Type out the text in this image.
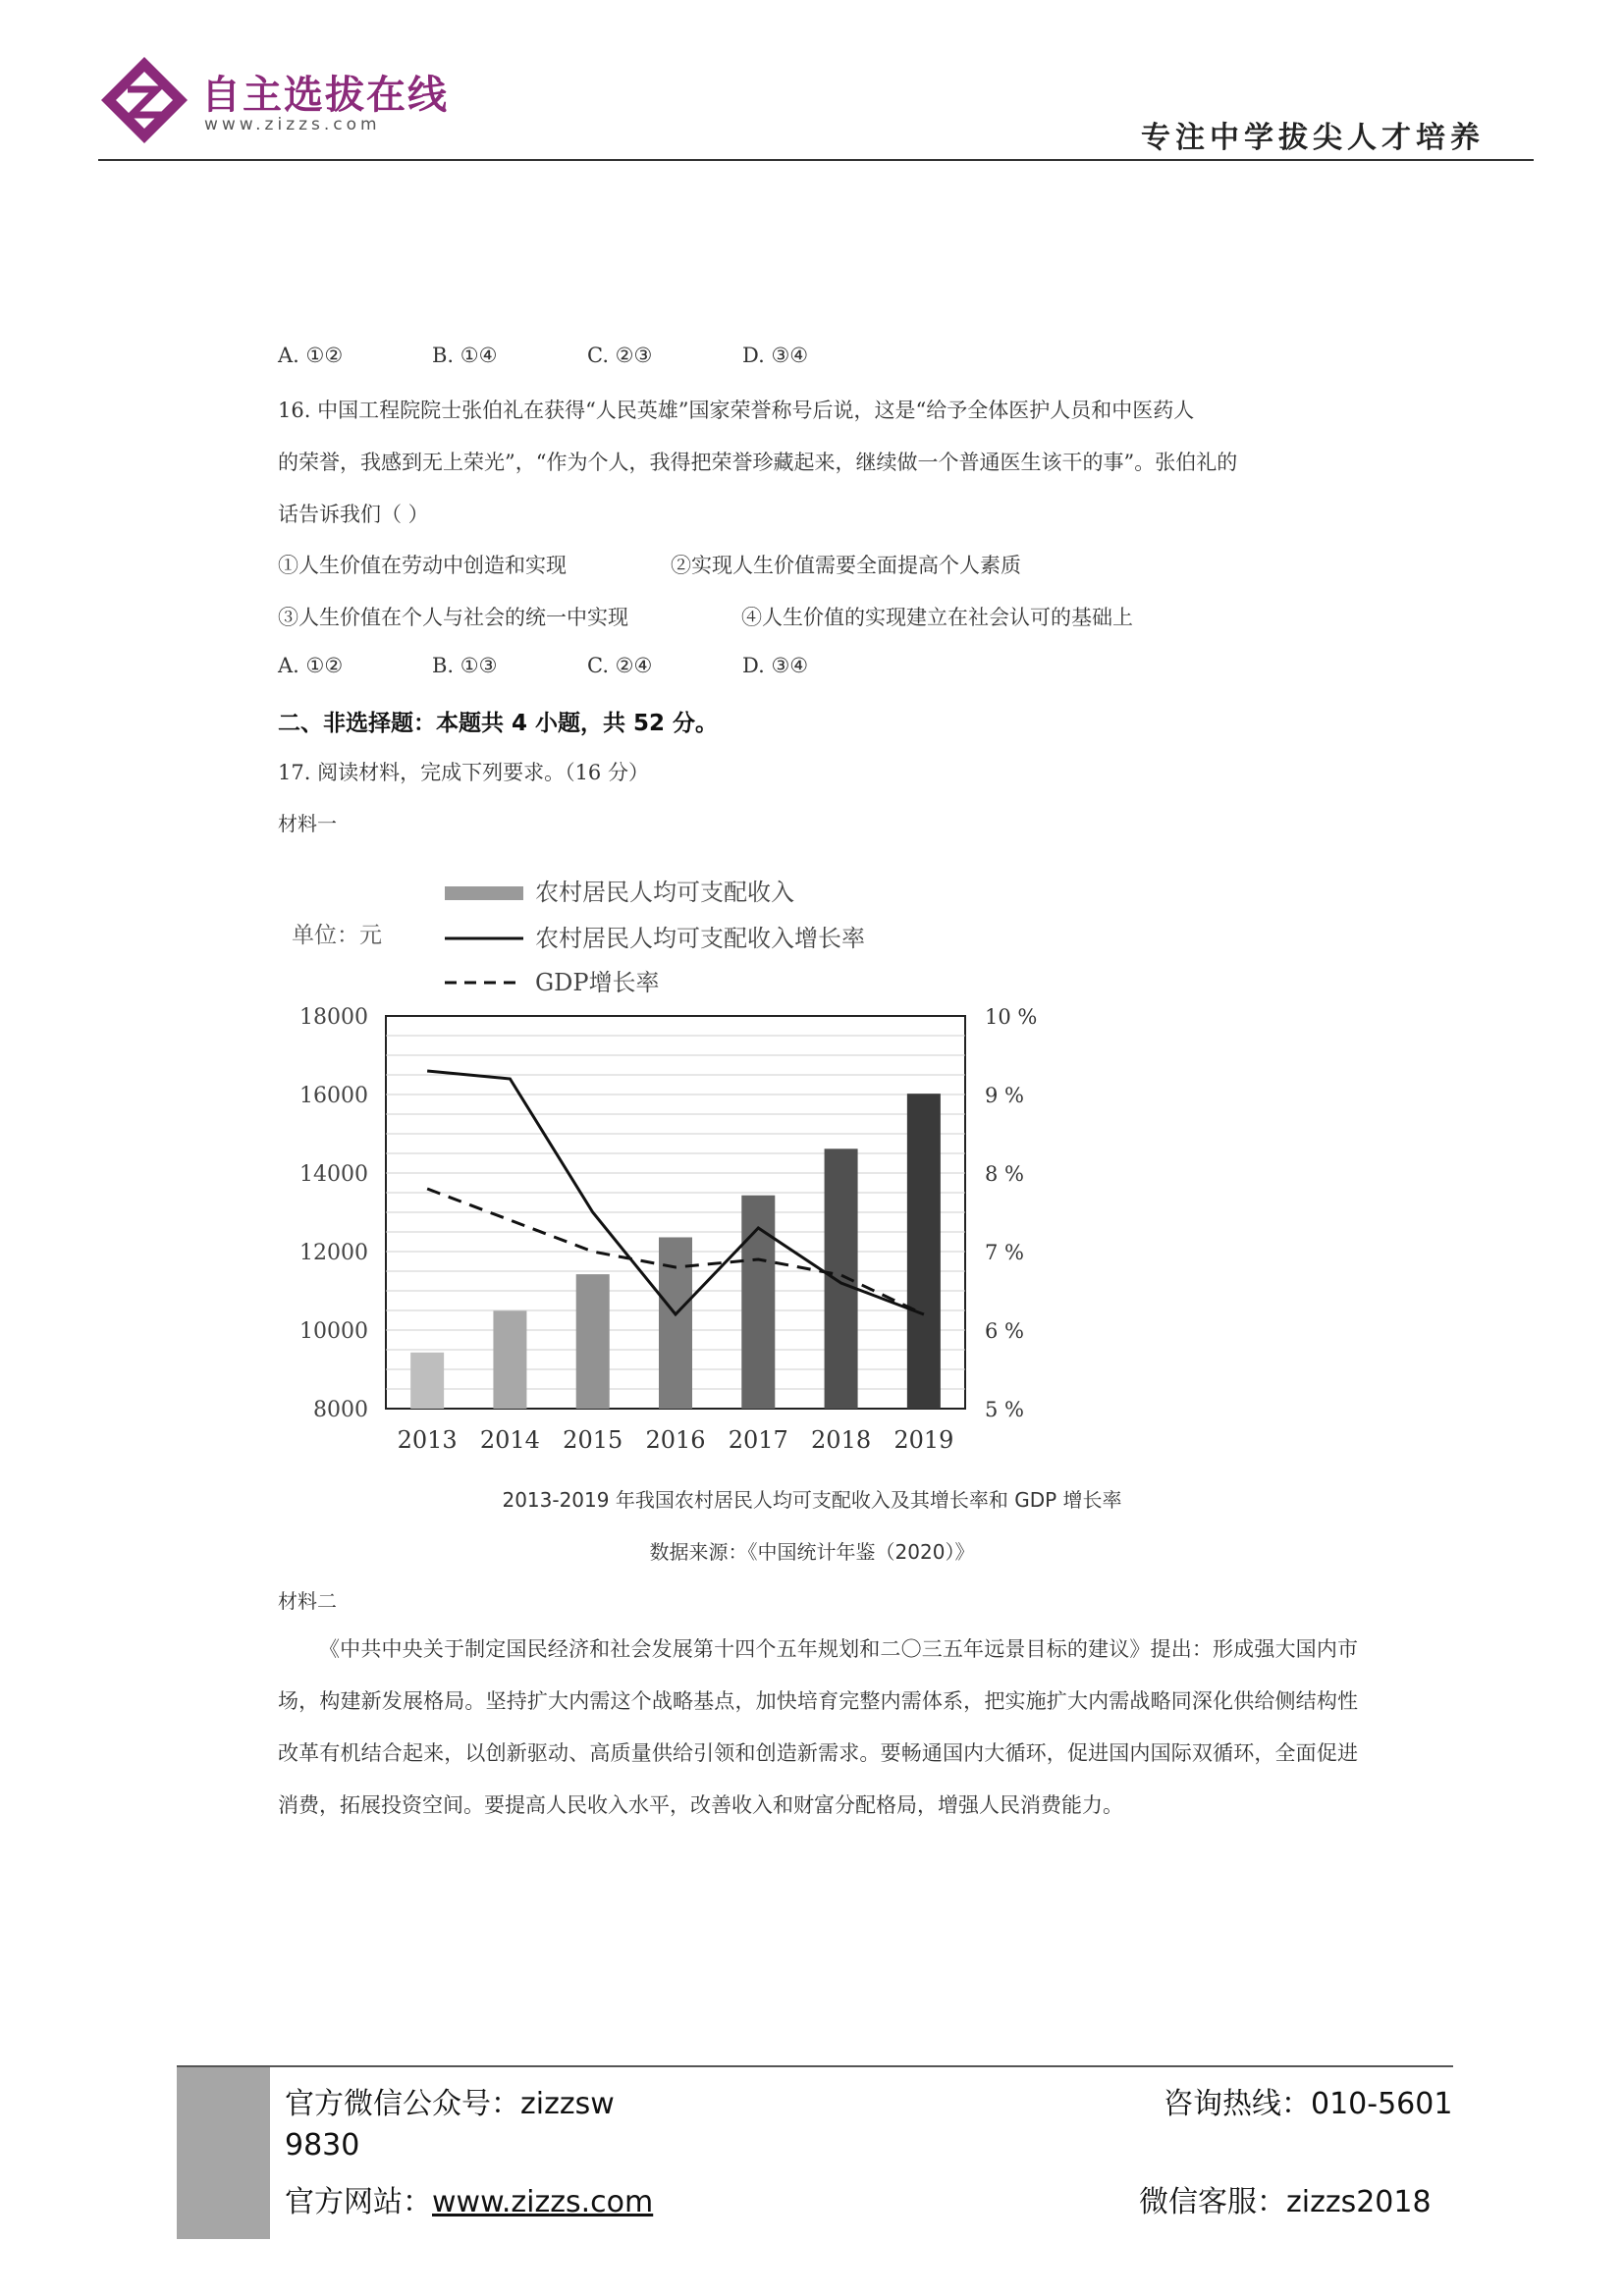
自主选拔在线
www.zizzs.com	专注中学拔尖人才培养
A. ①②	B. ①④	C. ②③	D. ③④
16. 中国工程院院士张伯礼在获得“人民英雄”国家荣誉称号后说，这是“给予全体医护人员和中医药人
的荣誉，我感到无上荣光”，“作为个人，我得把荣誉珍藏起来，继续做一个普通医生该干的事”。张伯礼的
话告诉我们（ ）
①人生价值在劳动中创造和实现	②实现人生价值需要全面提高个人素质
③人生价值在个人与社会的统一中实现	④人生价值的实现建立在社会认可的基础上
A. ①②	B. ①③	C. ②④	D. ③④
二、非选择题：本题共 4 小题，共 52 分。
17. 阅读材料，完成下列要求。（16 分）
材料一
18000
16000
14000
12000
10000
8000
10 %
9 %
8 %
7 %
6 %
5 %
2013 2014 2015 2016 2017 2018 2019
单位：元
农村居民人均可支配收入
农村居民人均可支配收入增长率
GDP增长率
2013-2019 年我国农村居民人均可支配收入及其增长率和 GDP 增长率
数据来源：《中国统计年鉴（2020）》
材料二
《中共中央关于制定国民经济和社会发展第十四个五年规划和二〇三五年远景目标的建议》提出：形成强大国内市场，构建新发展格局。坚持扩大内需这个战略基点，加快培育完整内需体系，把实施扩大内需战略同深化供给侧结构性改革有机结合起来，以创新驱动、高质量供给引领和创造新需求。要畅通国内大循环，促进国内国际双循环，全面促进消费，拓展投资空间。要提高人民收入水平，改善收入和财富分配格局，增强人民消费能力。
官方微信公众号：zizzsw
9830
咨询热线：010-5601
官方网站：www.zizzs.com	微信客服：zizzs2018
